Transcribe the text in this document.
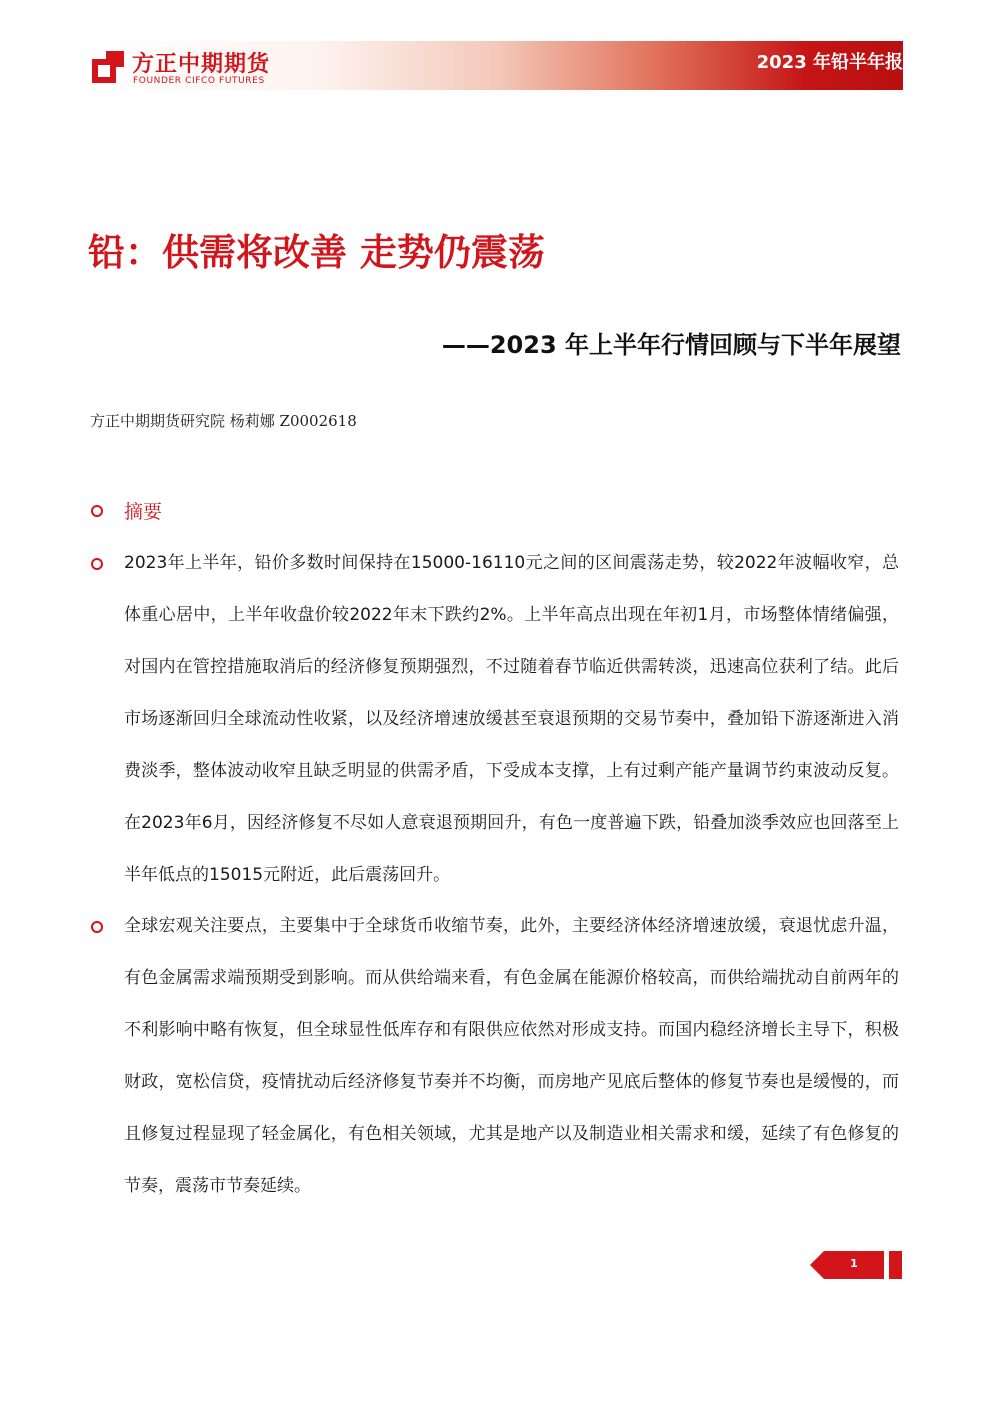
方正中期期货
FOUNDER CIFCO FUTURES
2023 年铅半年报
铅：供需将改善 走势仍震荡
——2023 年上半年行情回顾与下半年展望
方正中期期货研究院 杨莉娜 Z0002618
摘要

2023年上半年，铅价多数时间保持在15000-16110元之间的区间震荡走势，较2022年波幅收窄，总体重心居中，上半年收盘价较2022年末下跌约2%。上半年高点出现在年初1月，市场整体情绪偏强，对国内在管控措施取消后的经济修复预期强烈，不过随着春节临近供需转淡，迅速高位获利了结。此后市场逐渐回归全球流动性收紧，以及经济增速放缓甚至衰退预期的交易节奏中，叠加铅下游逐渐进入消费淡季，整体波动收窄且缺乏明显的供需矛盾，下受成本支撑，上有过剩产能产量调节约束波动反复。在2023年6月，因经济修复不尽如人意衰退预期回升，有色一度普遍下跌，铅叠加淡季效应也回落至上半年低点的15015元附近，此后震荡回升。

全球宏观关注要点，主要集中于全球货币收缩节奏，此外，主要经济体经济增速放缓，衰退忧虑升温，有色金属需求端预期受到影响。而从供给端来看，有色金属在能源价格较高，而供给端扰动自前两年的不利影响中略有恢复，但全球显性低库存和有限供应依然对形成支持。而国内稳经济增长主导下，积极财政，宽松信贷，疫情扰动后经济修复节奏并不均衡，而房地产见底后整体的修复节奏也是缓慢的，而且修复过程显现了轻金属化，有色相关领域，尤其是地产以及制造业相关需求和缓，延续了有色修复的节奏，震荡市节奏延续。

1
